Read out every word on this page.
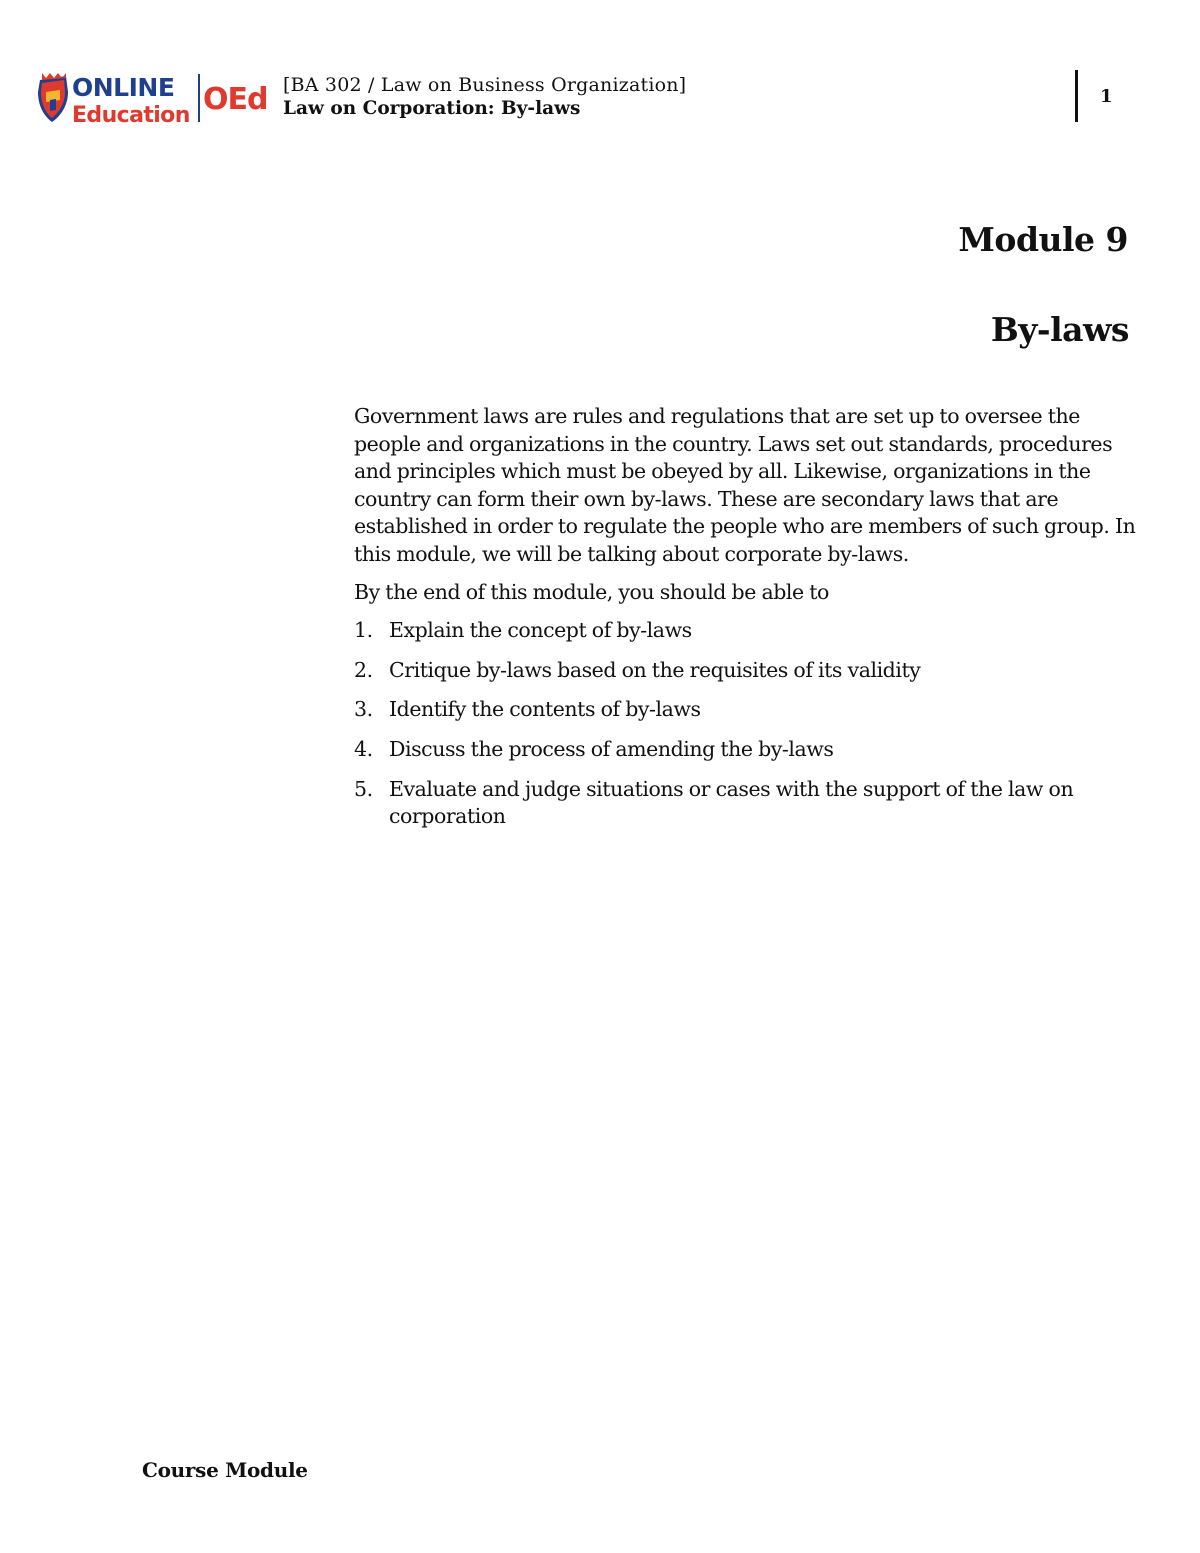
ONLINE
Education OEd [BA 302 / Law on Business Organization]
Law on Corporation: By-laws
1
Module 9
By-laws

Government laws are rules and regulations that are set up to oversee the people and organizations in the country. Laws set out standards, procedures and principles which must be obeyed by all. Likewise, organizations in the country can form their own by-laws. These are secondary laws that are established in order to regulate the people who are members of such group. In this module, we will be talking about corporate by-laws.

By the end of this module, you should be able to

1. Explain the concept of by-laws
2. Critique by-laws based on the requisites of its validity
3. Identify the contents of by-laws
4. Discuss the process of amending the by-laws
5. Evaluate and judge situations or cases with the support of the law on corporation
Course Module
